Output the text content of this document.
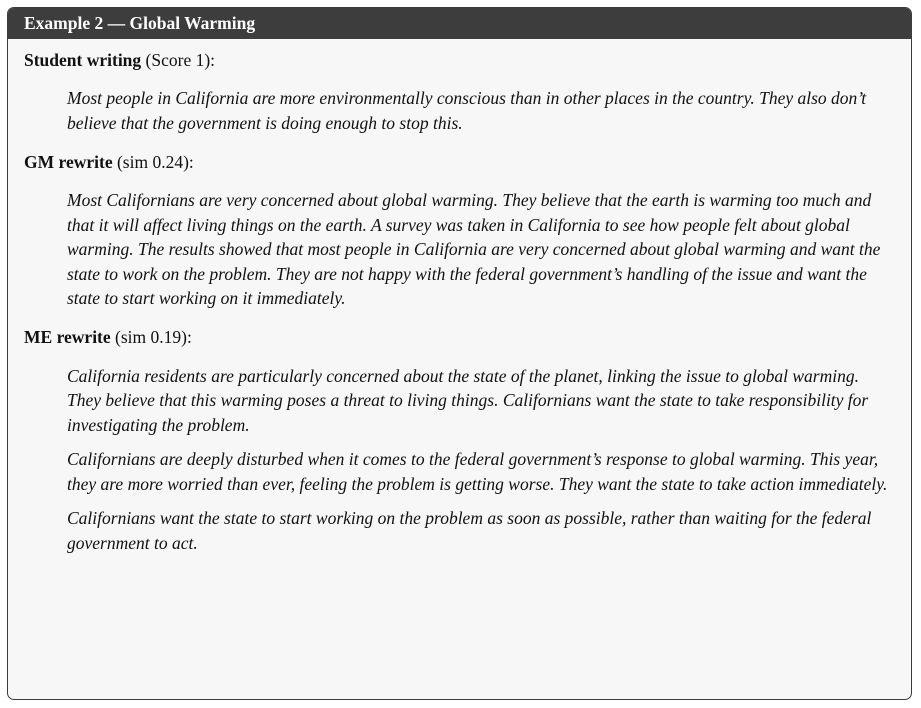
Example 2 — Global Warming

Student writing (Score 1):

Most people in California are more environmentally conscious than in other places in the country. They also don’t believe that the government is doing enough to stop this.

GM rewrite (sim 0.24):

Most Californians are very concerned about global warming. They believe that the earth is warming too much and that it will affect living things on the earth. A survey was taken in California to see how people felt about global warming. The results showed that most people in California are very concerned about global warming and want the state to work on the problem. They are not happy with the federal government’s handling of the issue and want the state to start working on it immediately.

ME rewrite (sim 0.19):

California residents are particularly concerned about the state of the planet, linking the issue to global warming. They believe that this warming poses a threat to living things. Californians want the state to take responsibility for investigating the problem.

Californians are deeply disturbed when it comes to the federal government’s response to global warming. This year, they are more worried than ever, feeling the problem is getting worse. They want the state to take action immediately.

Californians want the state to start working on the problem as soon as possible, rather than waiting for the federal government to act.
